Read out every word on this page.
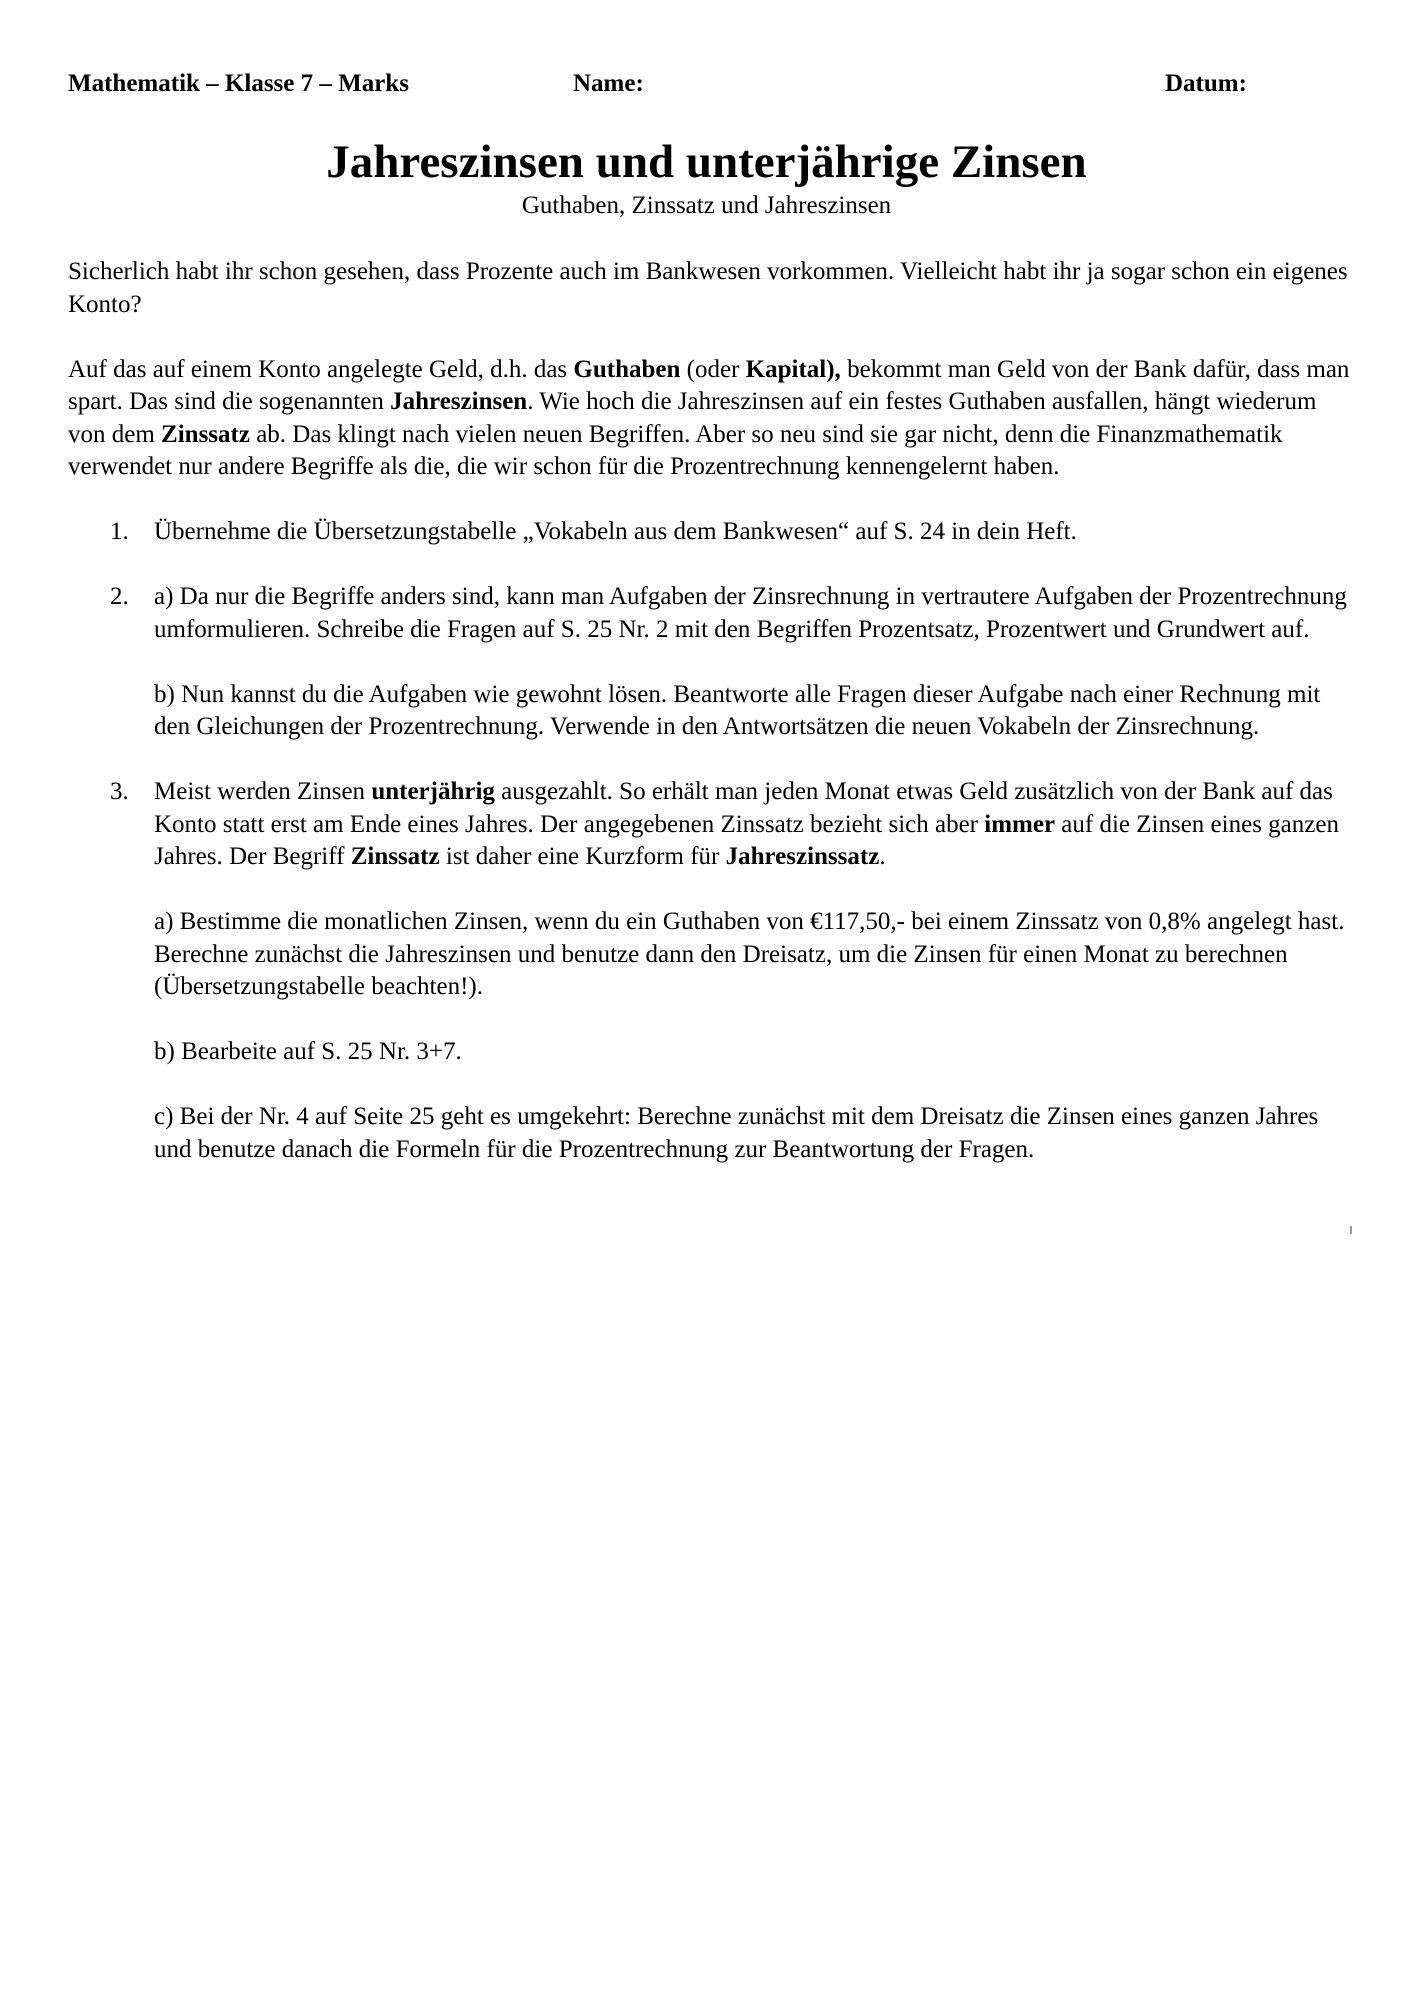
Mathematik – Klasse 7 – Marks	Name:	Datum:
Jahreszinsen und unterjährige Zinsen
Guthaben, Zinssatz und Jahreszinsen

Sicherlich habt ihr schon gesehen, dass Prozente auch im Bankwesen vorkommen. Vielleicht habt ihr ja sogar schon ein eigenes Konto?

Auf das auf einem Konto angelegte Geld, d.h. das Guthaben (oder Kapital), bekommt man Geld von der Bank dafür, dass man spart. Das sind die sogenannten Jahreszinsen. Wie hoch die Jahreszinsen auf ein festes Guthaben ausfallen, hängt wiederum von dem Zinssatz ab. Das klingt nach vielen neuen Begriffen. Aber so neu sind sie gar nicht, denn die Finanzmathematik verwendet nur andere Begriffe als die, die wir schon für die Prozentrechnung kennengelernt haben.

1. Übernehme die Übersetzungstabelle „Vokabeln aus dem Bankwesen“ auf S. 24 in dein Heft.

2. a) Da nur die Begriffe anders sind, kann man Aufgaben der Zinsrechnung in vertrautere Aufgaben der Prozentrechnung umformulieren. Schreibe die Fragen auf S. 25 Nr. 2 mit den Begriffen Prozentsatz, Prozentwert und Grundwert auf.

b) Nun kannst du die Aufgaben wie gewohnt lösen. Beantworte alle Fragen dieser Aufgabe nach einer Rechnung mit den Gleichungen der Prozentrechnung. Verwende in den Antwortsätzen die neuen Vokabeln der Zinsrechnung.

3. Meist werden Zinsen unterjährig ausgezahlt. So erhält man jeden Monat etwas Geld zusätzlich von der Bank auf das Konto statt erst am Ende eines Jahres. Der angegebenen Zinssatz bezieht sich aber immer auf die Zinsen eines ganzen Jahres. Der Begriff Zinssatz ist daher eine Kurzform für Jahreszinssatz.

a) Bestimme die monatlichen Zinsen, wenn du ein Guthaben von €117,50,- bei einem Zinssatz von 0,8% angelegt hast. Berechne zunächst die Jahreszinsen und benutze dann den Dreisatz, um die Zinsen für einen Monat zu berechnen (Übersetzungstabelle beachten!).

b) Bearbeite auf S. 25 Nr. 3+7.

c) Bei der Nr. 4 auf Seite 25 geht es umgekehrt: Berechne zunächst mit dem Dreisatz die Zinsen eines ganzen Jahres und benutze danach die Formeln für die Prozentrechnung zur Beantwortung der Fragen.
